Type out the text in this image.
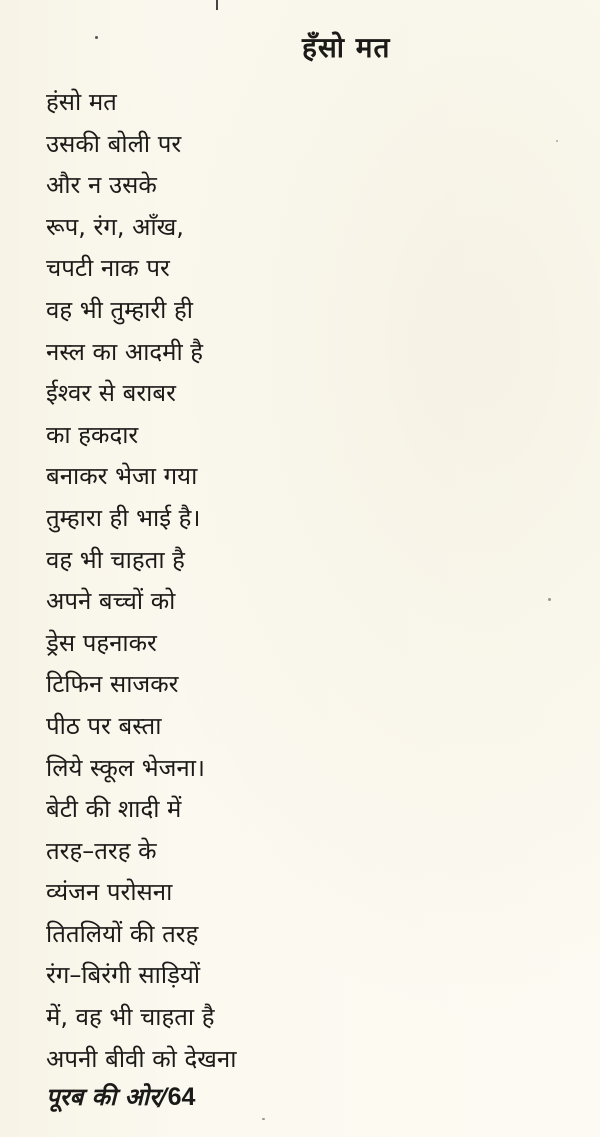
हँसो मत
हंसो मत
उसकी बोली पर
और न उसके
रूप, रंग, आँख,
चपटी नाक पर
वह भी तुम्हारी ही
नस्ल का आदमी है
ईश्वर से बराबर
का हकदार
बनाकर भेजा गया
तुम्हारा ही भाई है।
वह भी चाहता है
अपने बच्चों को
ड्रेस पहनाकर
टिफिन साजकर
पीठ पर बस्ता
लिये स्कूल भेजना।
बेटी की शादी में
तरह–तरह के
व्यंजन परोसना
तितलियों की तरह
रंग–बिरंगी साड़ियों
में, वह भी चाहता है
अपनी बीवी को देखना
पूरब की ओर/64
